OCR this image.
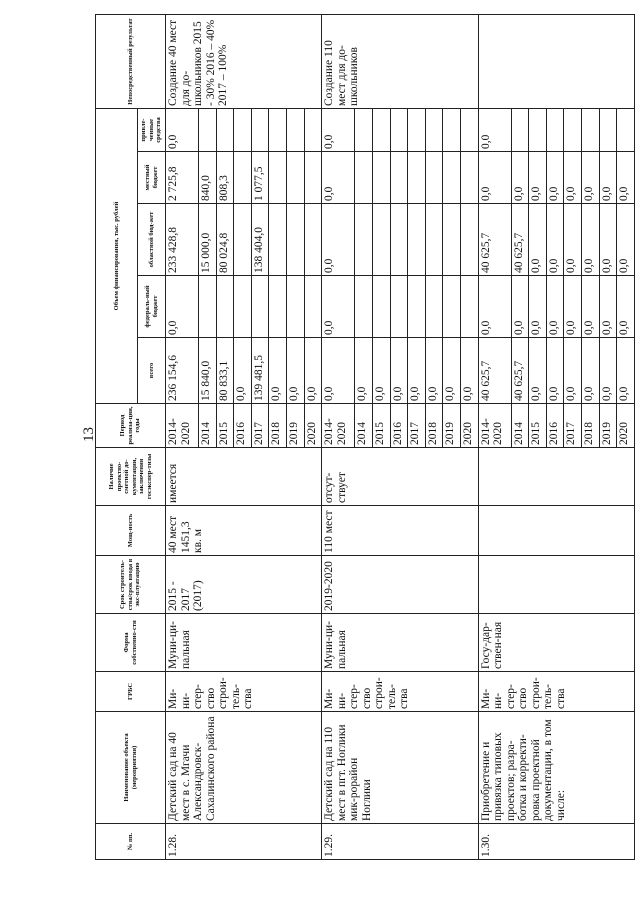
13
№ пп.	Наименование объекта (мероприятия)	ГРБС	Форма собственно-сти	Срок строитель-ства/срок ввода в экс-плуатацию	Мощ-ность	Наличие проектно-сметной до-кументации, заключения госэкспер-тизы	Период реализа-ции, годы	Объем финансирования, тыс. рублей					Непосредственный результат
								всего	федераль-ный бюджет	областной бюд-жет	местный бюджет	привле-ченные средства	
1.28.	Детский сад на 40 мест в с. Мгачи Александровск-Сахалинского района	Ми-ни-стер-ство строи-тель-ства	Муни-ци-пальная	2015 - 2017 (2017)	40 мест 1451,3 кв. м	имеется	2014-2020	236 154,6	0,0	233 428,8	2 725,8	0,0	Создание 40 мест для до-школьников 2015 - 30% 2016 – 40% 2017 – 100%
							2014	15 840,0		15 000,0	840,0		
							2015	80 833,1		80 024,8	808,3		
							2016	0,0					
							2017	139 481,5		138 404,0	1 077,5		
							2018	0,0					
							2019	0,0					
							2020	0,0					
1.29.	Детский сад на 110 мест в пгт. Ноглики мик-рорайон Ноглики	Ми-ни-стер-ство строи-тель-ства	Муни-ци-пальная	2019-2020	110 мест	отсут-ствует	2014-2020	0,0	0,0	0,0	0,0	0,0	Создание 110 мест для до-школьников
							2014	0,0					
							2015	0,0					
							2016	0,0					
							2017	0,0					
							2018	0,0					
							2019	0,0					
							2020	0,0					
1.30.	Приобретение и привязка типовых проектов; разра-ботка и корректи-ровка проектной документации, в том числе:	Ми-ни-стер-ство строи-тель-ства	Госу-дар-ствен-ная				2014-2020	40 625,7	0,0	40 625,7	0,0	0,0	
							2014	40 625,7	0,0	40 625,7	0,0		
							2015	0,0	0,0	0,0	0,0		
							2016	0,0	0,0	0,0	0,0		
							2017	0,0	0,0	0,0	0,0		
							2018	0,0	0,0	0,0	0,0		
							2019	0,0	0,0	0,0	0,0		
							2020	0,0	0,0	0,0	0,0		
